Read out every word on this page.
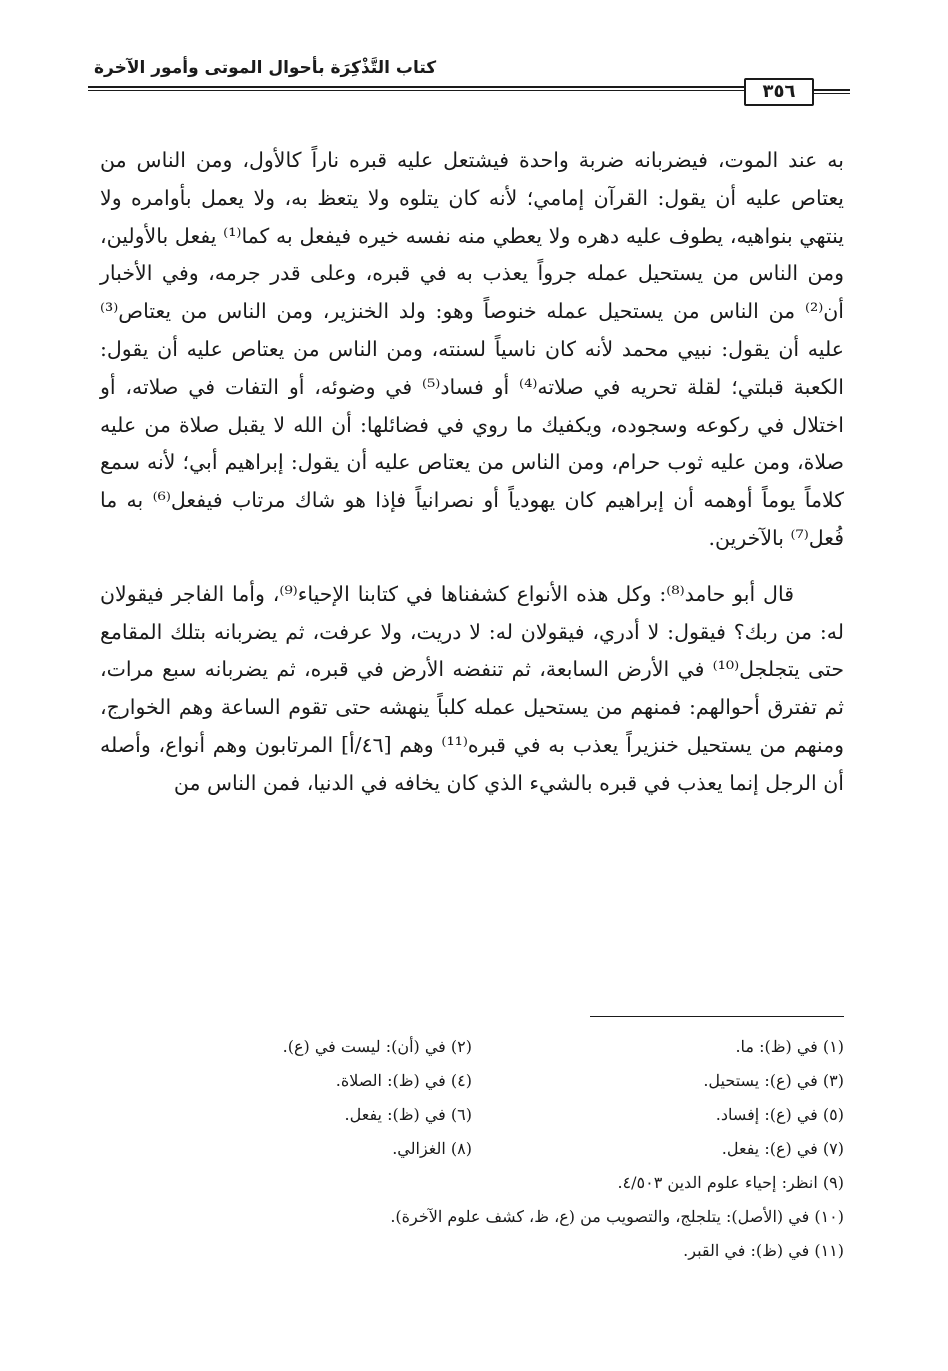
كتاب التَّذْكِرَة بأحوال الموتى وأمور الآخرة
٣٥٦

به عند الموت، فيضربانه ضربة واحدة فيشتعل عليه قبره ناراً كالأول، ومن الناس من يعتاص عليه أن يقول: القرآن إمامي؛ لأنه كان يتلوه ولا يتعظ به، ولا يعمل بأوامره ولا ينتهي بنواهيه، يطوف عليه دهره ولا يعطي منه نفسه خيره فيفعل به كما⁽¹⁾ يفعل بالأولين، ومن الناس من يستحيل عمله جرواً يعذب به في قبره، وعلى قدر جرمه، وفي الأخبار أن⁽²⁾ من الناس من يستحيل عمله خنوصاً وهو: ولد الخنزير، ومن الناس من يعتاص⁽³⁾ عليه أن يقول: نبيي محمد لأنه كان ناسياً لسنته، ومن الناس من يعتاص عليه أن يقول: الكعبة قبلتي؛ لقلة تحريه في صلاته⁽⁴⁾ أو فساد⁽⁵⁾ في وضوئه، أو التفات في صلاته، أو اختلال في ركوعه وسجوده، ويكفيك ما روي في فضائلها: أن الله لا يقبل صلاة من عليه صلاة، ومن عليه ثوب حرام، ومن الناس من يعتاص عليه أن يقول: إبراهيم أبي؛ لأنه سمع كلاماً يوماً أوهمه أن إبراهيم كان يهودياً أو نصرانياً فإذا هو شاك مرتاب فيفعل⁽⁶⁾ به ما فُعل⁽⁷⁾ بالآخرين.

قال أبو حامد⁽⁸⁾: وكل هذه الأنواع كشفناها في كتابنا الإحياء⁽⁹⁾، وأما الفاجر فيقولان له: من ربك؟ فيقول: لا أدري، فيقولان له: لا دريت، ولا عرفت، ثم يضربانه بتلك المقامع حتى يتجلجل⁽¹⁰⁾ في الأرض السابعة، ثم تنفضه الأرض في قبره، ثم يضربانه سبع مرات، ثم تفترق أحوالهم: فمنهم من يستحيل عمله كلباً ينهشه حتى تقوم الساعة وهم الخوارج، ومنهم من يستحيل خنزيراً يعذب به في قبره⁽¹¹⁾ وهم [٤٦/أ] المرتابون وهم أنواع، وأصله أن الرجل إنما يعذب في قبره بالشيء الذي كان يخافه في الدنيا، فمن الناس من

(١) في (ظ): ما.
(٢) في (أن): ليست في (ع).
(٣) في (ع): يستحيل.
(٤) في (ظ): الصلاة.
(٥) في (ع): إفساد.
(٦) في (ظ): يفعل.
(٧) في (ع): يفعل.
(٨) الغزالي.
(٩) انظر: إحياء علوم الدين ٤/٥٠٣.
(١٠) في (الأصل): يتلجلج، والتصويب من (ع، ظ، كشف علوم الآخرة).
(١١) في (ظ): في القبر.
